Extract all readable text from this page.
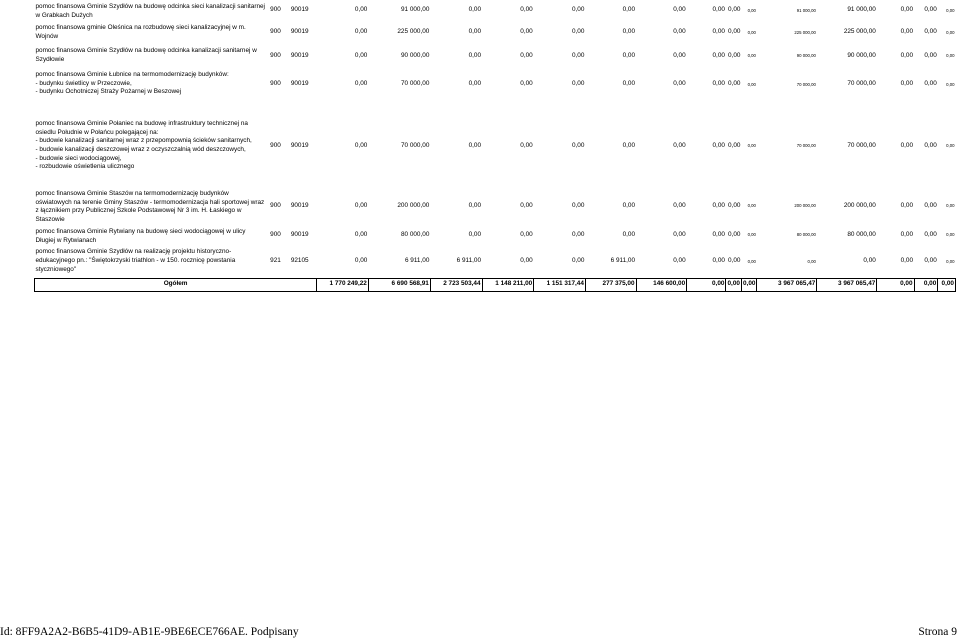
pomoc finansowa Gminie Szydłów na budowę odcinka sieci kanalizacji sanitarnej w Grabkach Dużych	900	90019	0,00	91 000,00	0,00	0,00	0,00	0,00	0,00	0,00	0,00	0,00	91 000,00	91 000,00	0,00	0,00	0,00
pomoc finansowa gminie Oleśnica na rozbudowę sieci kanalizacyjnej w m. Wojnów	900	90019	0,00	225 000,00	0,00	0,00	0,00	0,00	0,00	0,00	0,00	0,00	225 000,00	225 000,00	0,00	0,00	0,00
pomoc finansowa Gminie Szydłów na budowę odcinka kanalizacji sanitarnej w Szydłowie	900	90019	0,00	90 000,00	0,00	0,00	0,00	0,00	0,00	0,00	0,00	0,00	90 000,00	90 000,00	0,00	0,00	0,00
pomoc finansowa Gminie Łubnice na termomodernizację budynków:
- budynku świetlicy w Przeczowie,
- budynku Ochotniczej Straży Pożarnej w Beszowej	900	90019	0,00	70 000,00	0,00	0,00	0,00	0,00	0,00	0,00	0,00	0,00	70 000,00	70 000,00	0,00	0,00	0,00

pomoc finansowa Gminie Połaniec na budowę infrastruktury technicznej na osiedlu Południe w Połańcu polegającej na:
- budowie kanalizacji sanitarnej wraz z przepompownią ścieków sanitarnych,
- budowie kanalizacji deszczowej wraz z oczyszczalnią wód deszczowych,
- budowie sieci wodociągowej,
- rozbudowie oświetlenia ulicznego	900	90019	0,00	70 000,00	0,00	0,00	0,00	0,00	0,00	0,00	0,00	0,00	70 000,00	70 000,00	0,00	0,00	0,00

pomoc finansowa Gminie Staszów na termomodernizację budynków oświatowych na terenie Gminy Staszów - termomodernizacja hali sportowej wraz z łącznikiem przy Publicznej Szkole Podstawowej Nr 3 im. H. Łaskiego w Staszowie	900	90019	0,00	200 000,00	0,00	0,00	0,00	0,00	0,00	0,00	0,00	0,00	200 000,00	200 000,00	0,00	0,00	0,00
pomoc finansowa Gminie Rytwiany na budowę sieci wodociągowej w ulicy Długiej w Rytwianach	900	90019	0,00	80 000,00	0,00	0,00	0,00	0,00	0,00	0,00	0,00	0,00	80 000,00	80 000,00	0,00	0,00	0,00
pomoc finansowa Gminie Szydłów na realizację projektu historyczno-edukacyjnego pn.: "Świętokrzyski triathlon - w 150. rocznicę powstania styczniowego"	921	92105	0,00	6 911,00	6 911,00	0,00	0,00	6 911,00	0,00	0,00	0,00	0,00	0,00	0,00	0,00	0,00	0,00
Ogółem			1 770 249,22	6 690 568,91	2 723 503,44	1 148 211,00	1 151 317,44	277 375,00	146 600,00	0,00	0,00	0,00	3 967 065,47	3 967 065,47	0,00	0,00	0,00
Id: 8FF9A2A2-B6B5-41D9-AB1E-9BE6ECE766AE. Podpisany	Strona 9
